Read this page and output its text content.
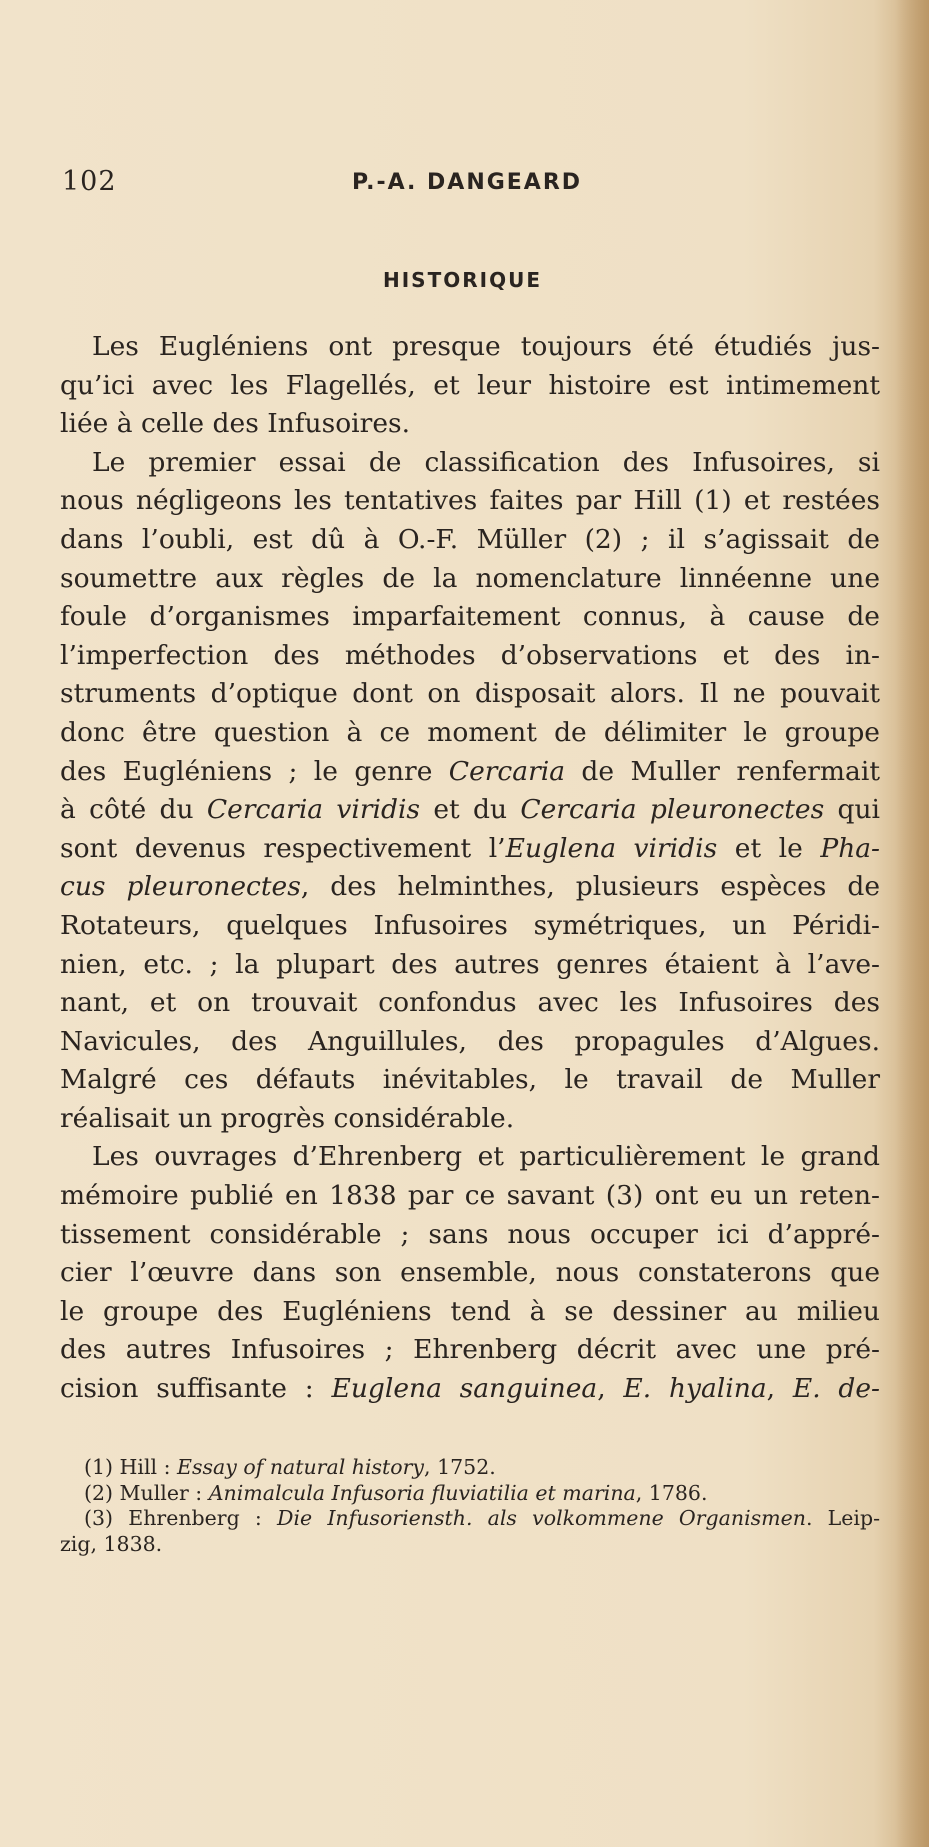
102	P.-A. DANGEARD
HISTORIQUE
Les Eugléniens ont presque toujours été étudiés jus-
qu’ici avec les Flagellés, et leur histoire est intimement
liée à celle des Infusoires.
Le premier essai de classification des Infusoires, si
nous négligeons les tentatives faites par Hill (1) et restées
dans l’oubli, est dû à O.-F. Müller (2) ; il s’agissait de
soumettre aux règles de la nomenclature linnéenne une
foule d’organismes imparfaitement connus, à cause de
l’imperfection des méthodes d’observations et des in-
struments d’optique dont on disposait alors. Il ne pouvait
donc être question à ce moment de délimiter le groupe
des Eugléniens ; le genre Cercaria de Muller renfermait
à côté du Cercaria viridis et du Cercaria pleuronectes qui
sont devenus respectivement l’Euglena viridis et le Pha-
cus pleuronectes, des helminthes, plusieurs espèces de
Rotateurs, quelques Infusoires symétriques, un Péridi-
nien, etc. ; la plupart des autres genres étaient à l’ave-
nant, et on trouvait confondus avec les Infusoires des
Navicules, des Anguillules, des propagules d’Algues.
Malgré ces défauts inévitables, le travail de Muller
réalisait un progrès considérable.
Les ouvrages d’Ehrenberg et particulièrement le grand
mémoire publié en 1838 par ce savant (3) ont eu un reten-
tissement considérable ; sans nous occuper ici d’appré-
cier l’œuvre dans son ensemble, nous constaterons que
le groupe des Eugléniens tend à se dessiner au milieu
des autres Infusoires ; Ehrenberg décrit avec une pré-
cision suffisante : Euglena sanguinea, E. hyalina, E. de-
(1) Hill : Essay of natural history, 1752.
(2) Muller : Animalcula Infusoria fluviatilia et marina, 1786.
(3) Ehrenberg : Die Infusoriensth. als volkommene Organismen. Leip-
zig, 1838.
